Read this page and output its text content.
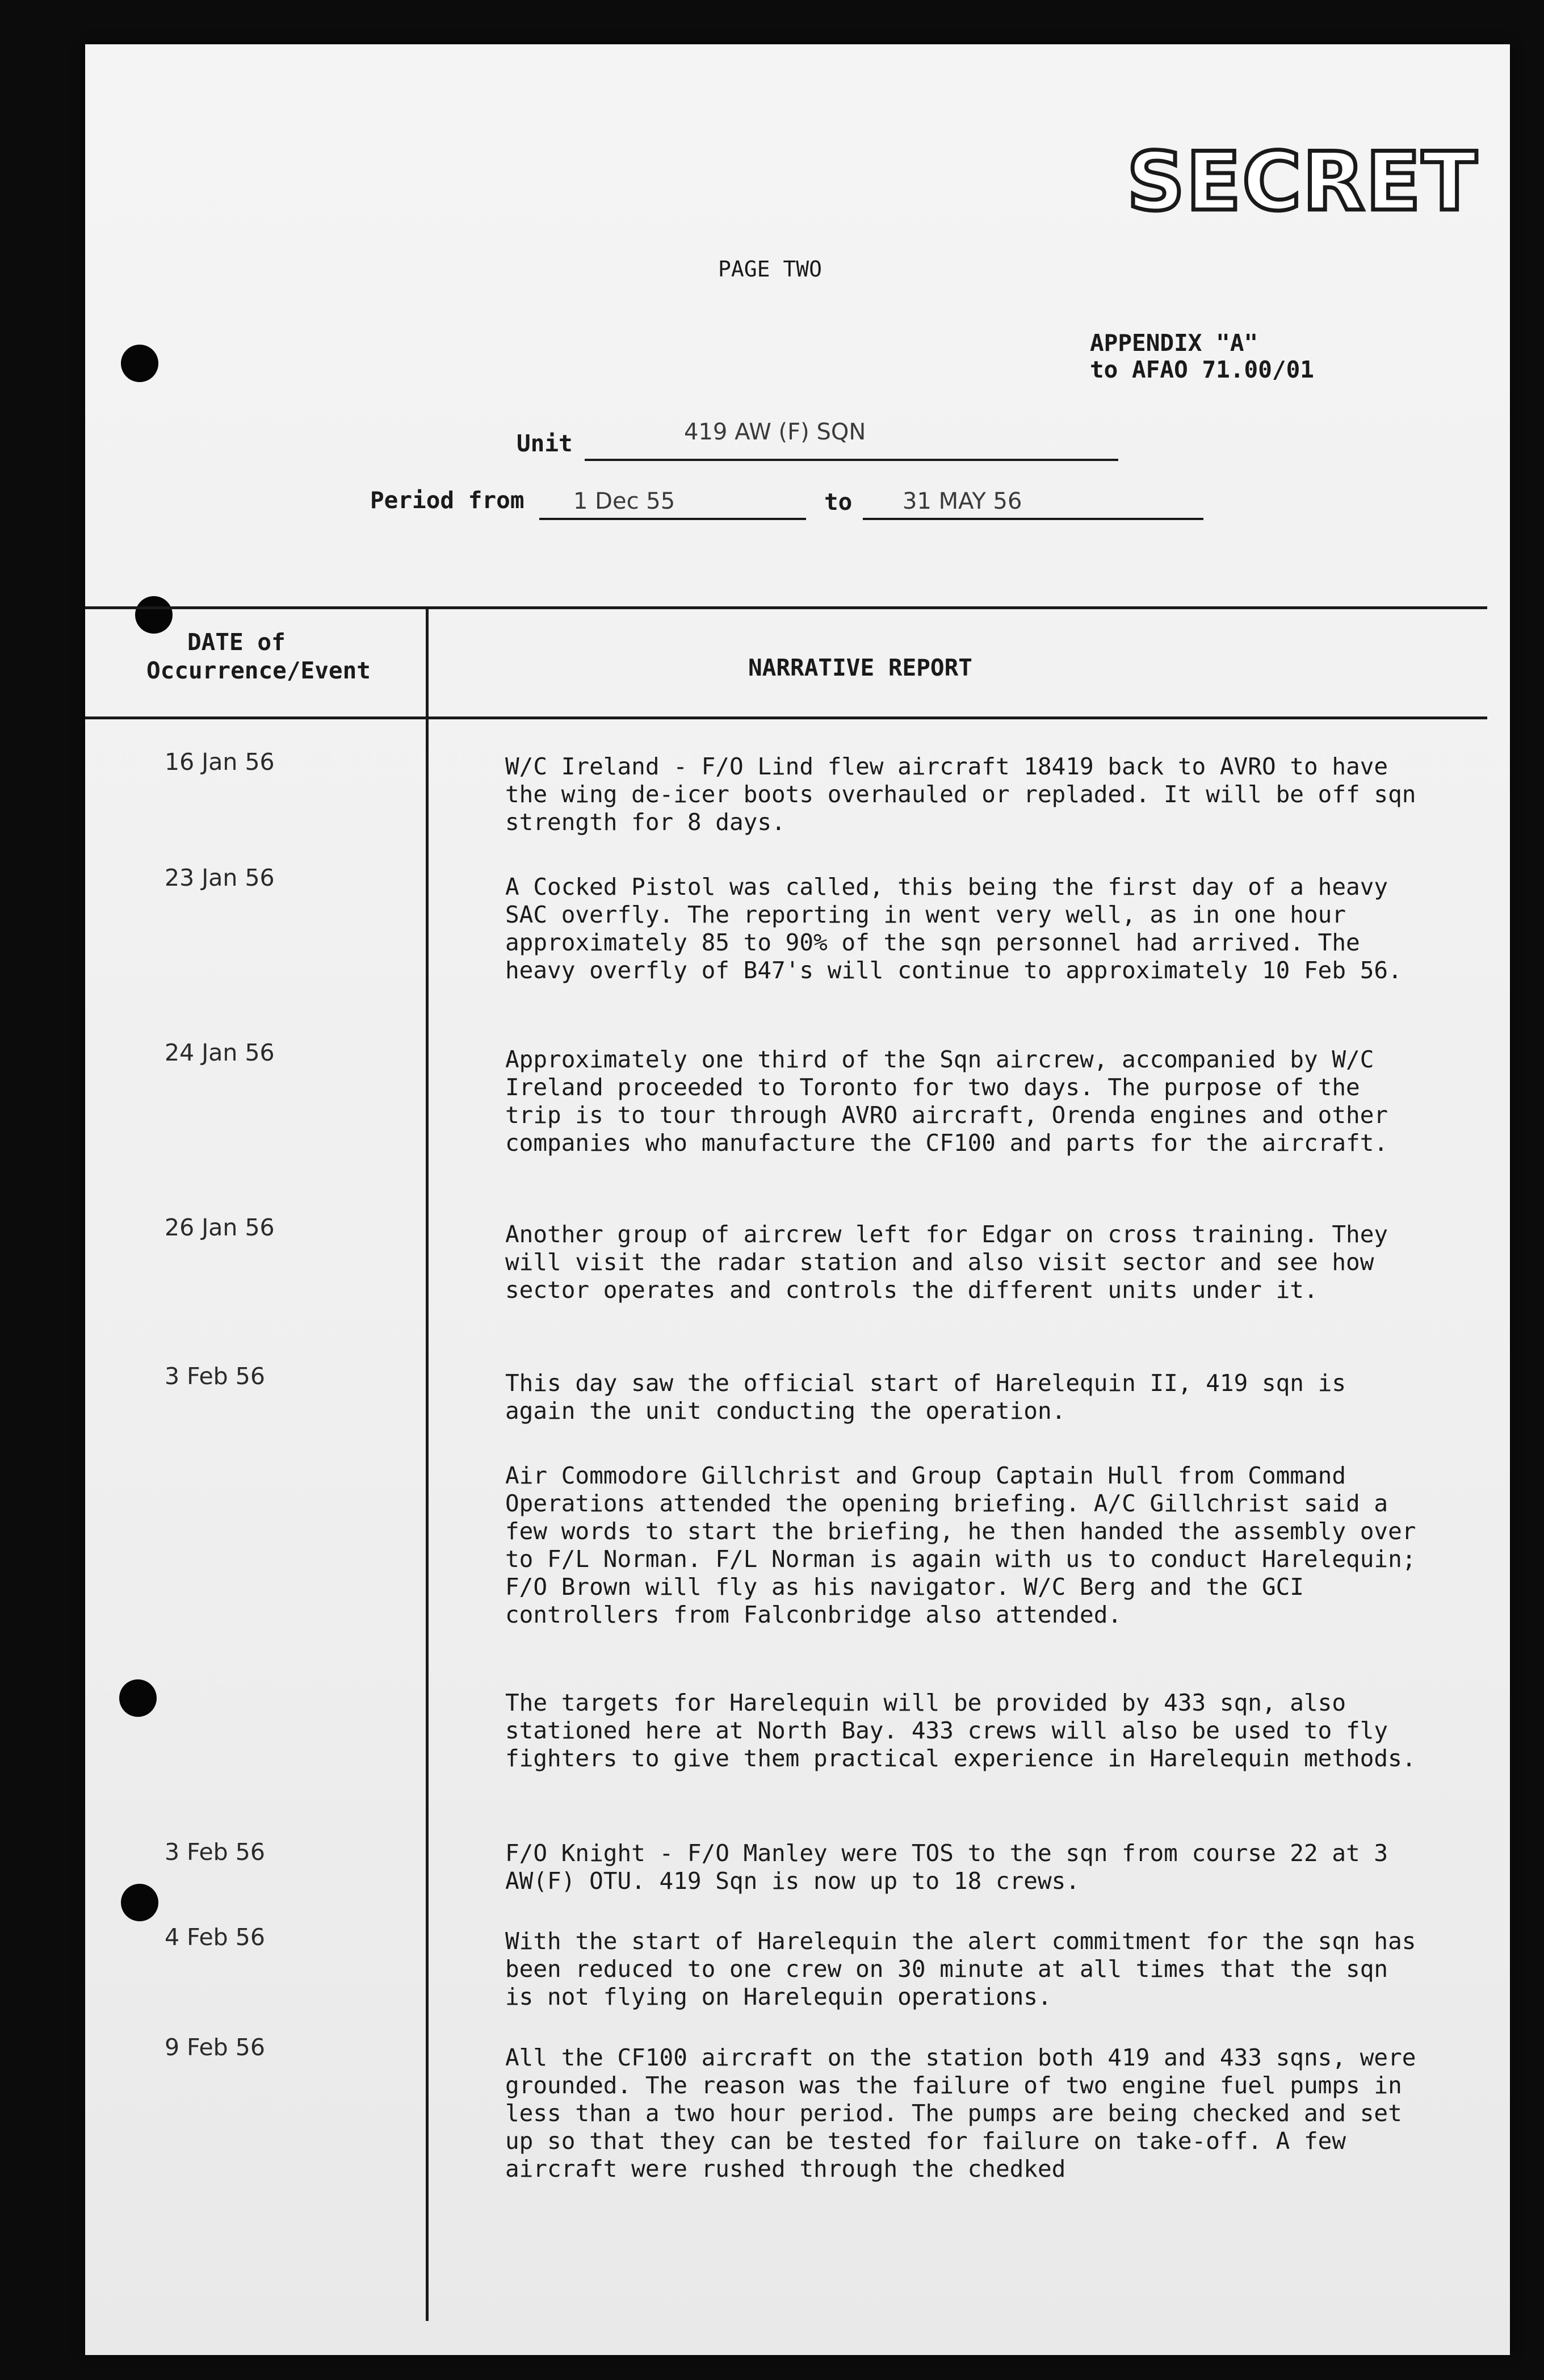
SECRET
PAGE TWO
APPENDIX "A"
to AFAO 71.00/01
Unit	419 AW (F) SQN
Period from 1 Dec 55	to 31 MAY 56
DATE of
Occurrence/Event	NARRATIVE REPORT
16 Jan 56	W/C Ireland - F/O Lind flew aircraft 18419 back to AVRO to have the wing de-icer boots overhauled or repladed. It will be off sqn strength for 8 days.
23 Jan 56	A Cocked Pistol was called, this being the first day of a heavy SAC overfly. The reporting in went very well, as in one hour approximately 85 to 90% of the sqn personnel had arrived. The heavy overfly of B47's will continue to approximately 10 Feb 56.
24 Jan 56	Approximately one third of the Sqn aircrew, accompanied by W/C Ireland proceeded to Toronto for two days. The purpose of the trip is to tour through AVRO aircraft, Orenda engines and other companies who manufacture the CF100 and parts for the aircraft.
26 Jan 56	Another group of aircrew left for Edgar on cross training. They will visit the radar station and also visit sector and see how sector operates and controls the different units under it.
3 Feb 56	This day saw the official start of Harelequin II, 419 sqn is again the unit conducting the operation.
Air Commodore Gillchrist and Group Captain Hull from Command Operations attended the opening briefing. A/C Gillchrist said a few words to start the briefing, he then handed the assembly over to F/L Norman. F/L Norman is again with us to conduct Harelequin; F/O Brown will fly as his navigator. W/C Berg and the GCI controllers from Falconbridge also attended.
The targets for Harelequin will be provided by 433 sqn, also stationed here at North Bay. 433 crews will also be used to fly fighters to give them practical experience in Harelequin methods.
3 Feb 56	F/O Knight - F/O Manley were TOS to the sqn from course 22 at 3 AW(F) OTU. 419 Sqn is now up to 18 crews.
4 Feb 56	With the start of Harelequin the alert commitment for the sqn has been reduced to one crew on 30 minute at all times that the sqn is not flying on Harelequin operations.
9 Feb 56	All the CF100 aircraft on the station both 419 and 433 sqns, were grounded. The reason was the failure of two engine fuel pumps in less than a two hour period. The pumps are being checked and set up so that they can be tested for failure on take-off. A few aircraft were rushed through the chedked
